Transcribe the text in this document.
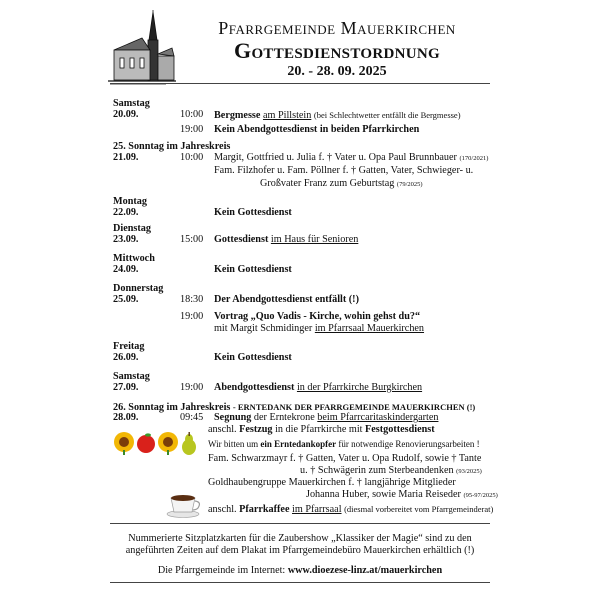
Pfarrgemeinde Mauerkirchen
Gottesdienstordnung
20. - 28. 09. 2025
Samstag
20.09.	10:00 Bergmesse am Pillstein (bei Schlechtwetter entfällt die Bergmesse)
19:00 Kein Abendgottesdienst in beiden Pfarrkirchen
25. Sonntag im Jahreskreis
21.09.	10:00 Margit, Gottfried u. Julia f. † Vater u. Opa Paul Brunnbauer (170/2021)
Fam. Filzhofer u. Fam. Pöllner f. † Gatten, Vater, Schwieger- u.
Großvater Franz zum Geburtstag (79/2025)
Montag
22.09.	Kein Gottesdienst
Dienstag
23.09.	15:00 Gottesdienst im Haus für Senioren
Mittwoch
24.09.	Kein Gottesdienst
Donnerstag
25.09.	18:30 Der Abendgottesdienst entfällt (!)
19:00 Vortrag „Quo Vadis - Kirche, wohin gehst du?“
mit Margit Schmidinger im Pfarrsaal Mauerkirchen
Freitag
26.09.	Kein Gottesdienst
Samstag
27.09.	19:00 Abendgottesdienst in der Pfarrkirche Burgkirchen
26. Sonntag im Jahreskreis - ERNTEDANK DER PFARRGEMEINDE MAUERKIRCHEN (!)
28.09.	09:45 Segnung der Erntekrone beim Pfarrcaritaskindergarten
anschl. Festzug in die Pfarrkirche mit Festgottesdienst
Wir bitten um ein Erntedankopfer für notwendige Renovierungsarbeiten !
Fam. Schwarzmayr f. † Gatten, Vater u. Opa Rudolf, sowie † Tante
u. † Schwägerin zum Sterbeandenken (93/2025)
Goldhaubengruppe Mauerkirchen f. † langjährige Mitglieder
Johanna Huber, sowie Maria Reiseder (95-97/2025)
anschl. Pfarrkaffee im Pfarrsaal (diesmal vorbereitet vom Pfarrgemeinderat)
Nummerierte Sitzplatzkarten für die Zaubershow „Klassiker der Magie“ sind zu den
angeführten Zeiten auf dem Plakat im Pfarrgemeindebüro Mauerkirchen erhältlich (!)
Die Pfarrgemeinde im Internet: www.dioezese-linz.at/mauerkirchen
